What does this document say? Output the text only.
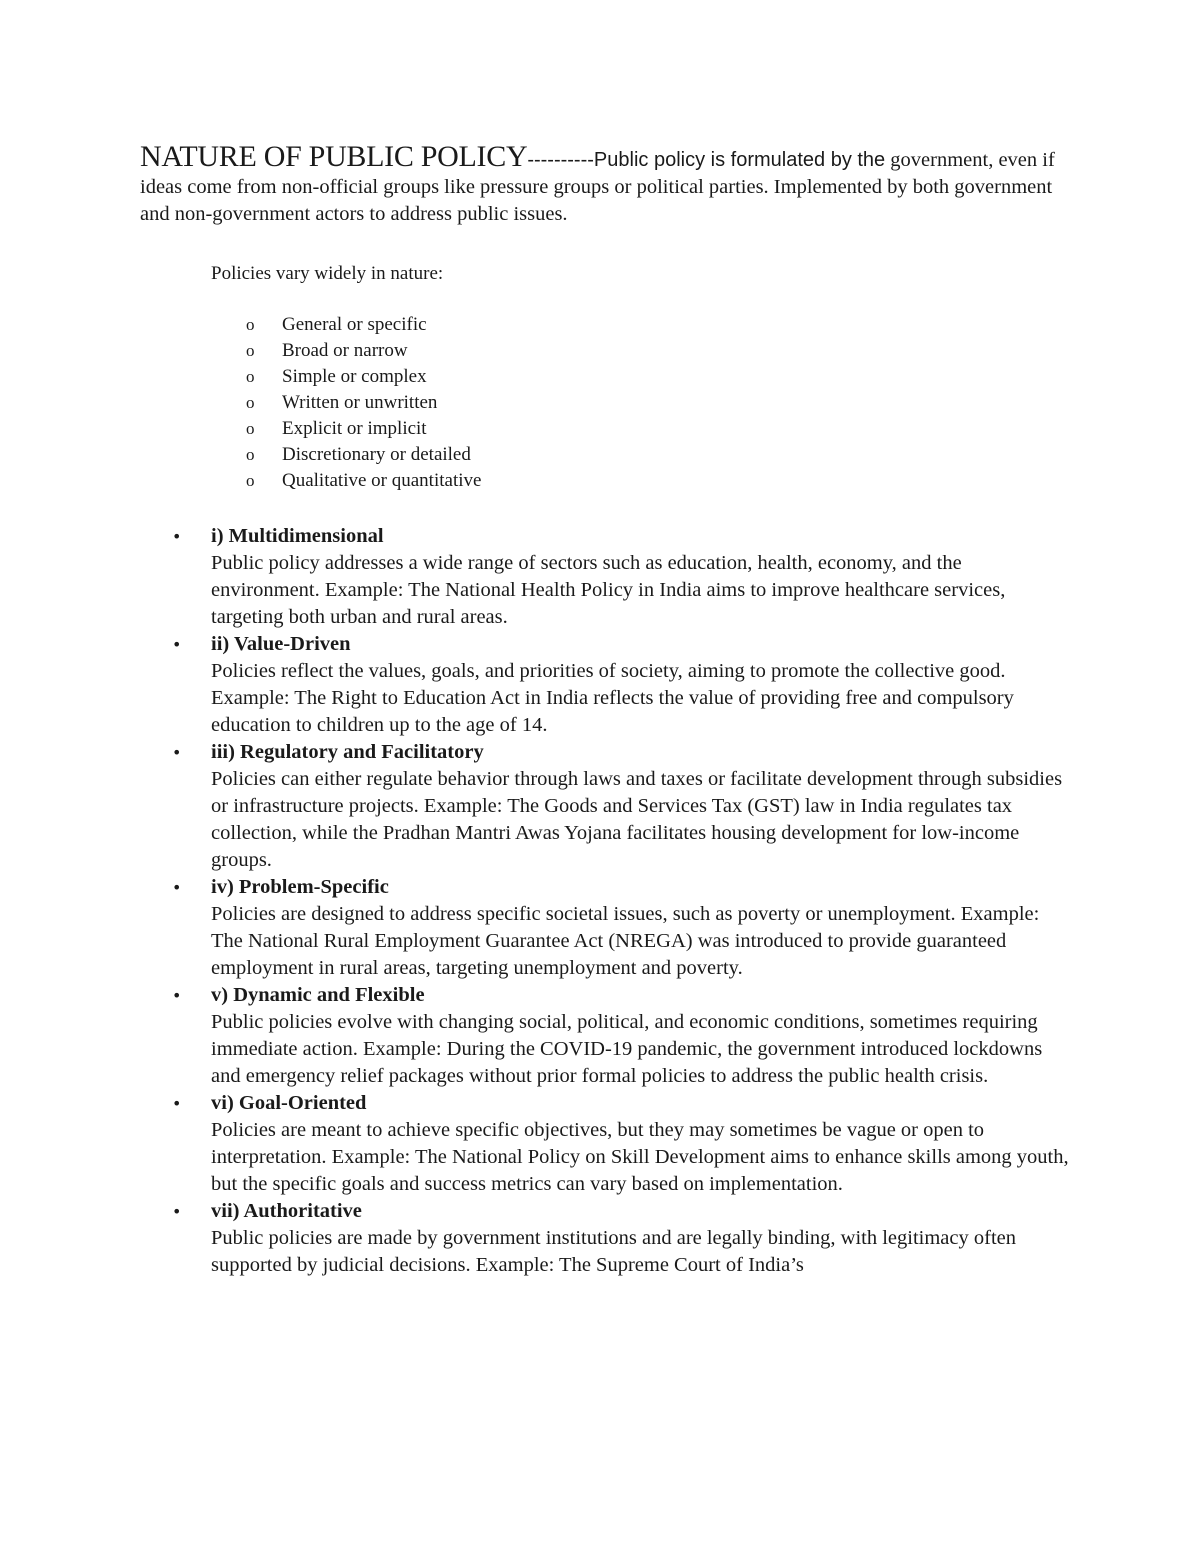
NATURE OF PUBLIC POLICY----------Public policy is formulated by the government, even if ideas come from non-official groups like pressure groups or political parties. Implemented by both government and non-government actors to address public issues.
Policies vary widely in nature:
o General or specific
o Broad or narrow
o Simple or complex
o Written or unwritten
o Explicit or implicit
o Discretionary or detailed
o Qualitative or quantitative
• i) Multidimensional
Public policy addresses a wide range of sectors such as education, health, economy, and the environment. Example: The National Health Policy in India aims to improve healthcare services, targeting both urban and rural areas.
• ii) Value-Driven
Policies reflect the values, goals, and priorities of society, aiming to promote the collective good. Example: The Right to Education Act in India reflects the value of providing free and compulsory education to children up to the age of 14.
• iii) Regulatory and Facilitatory
Policies can either regulate behavior through laws and taxes or facilitate development through subsidies or infrastructure projects. Example: The Goods and Services Tax (GST) law in India regulates tax collection, while the Pradhan Mantri Awas Yojana facilitates housing development for low-income groups.
• iv) Problem-Specific
Policies are designed to address specific societal issues, such as poverty or unemployment. Example: The National Rural Employment Guarantee Act (NREGA) was introduced to provide guaranteed employment in rural areas, targeting unemployment and poverty.
• v) Dynamic and Flexible
Public policies evolve with changing social, political, and economic conditions, sometimes requiring immediate action. Example: During the COVID-19 pandemic, the government introduced lockdowns and emergency relief packages without prior formal policies to address the public health crisis.
• vi) Goal-Oriented
Policies are meant to achieve specific objectives, but they may sometimes be vague or open to interpretation. Example: The National Policy on Skill Development aims to enhance skills among youth, but the specific goals and success metrics can vary based on implementation.
• vii) Authoritative
Public policies are made by government institutions and are legally binding, with legitimacy often supported by judicial decisions. Example: The Supreme Court of India’s
